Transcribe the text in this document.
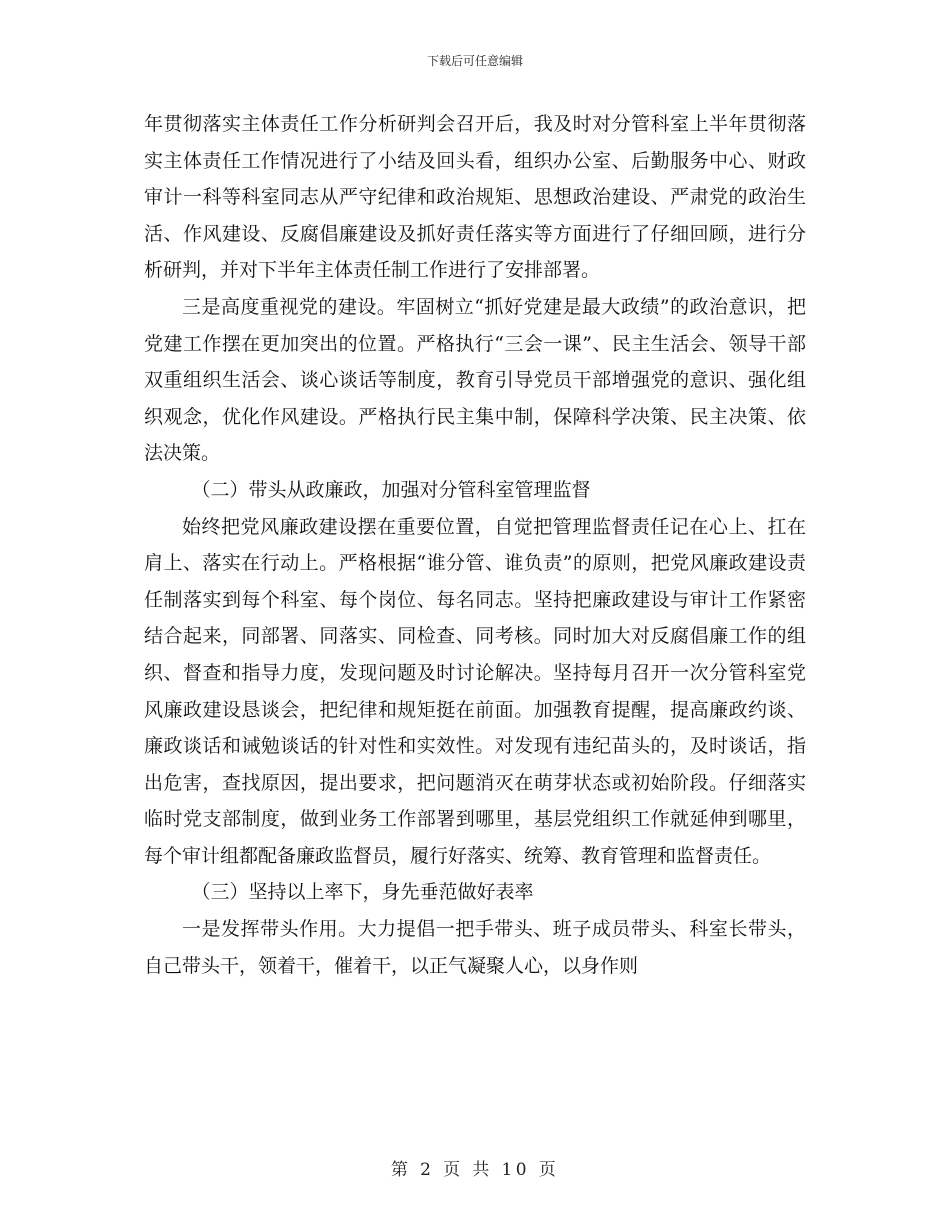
下载后可任意编辑

年贯彻落实主体责任工作分析研判会召开后，我及时对分管科室上半年贯彻落实主体责任工作情况进行了小结及回头看，组织办公室、后勤服务中心、财政审计一科等科室同志从严守纪律和政治规矩、思想政治建设、严肃党的政治生活、作风建设、反腐倡廉建设及抓好责任落实等方面进行了仔细回顾，进行分析研判，并对下半年主体责任制工作进行了安排部署。

三是高度重视党的建设。牢固树立“抓好党建是最大政绩”的政治意识，把党建工作摆在更加突出的位置。严格执行“三会一课”、民主生活会、领导干部双重组织生活会、谈心谈话等制度，教育引导党员干部增强党的意识、强化组织观念，优化作风建设。严格执行民主集中制，保障科学决策、民主决策、依法决策。

（二）带头从政廉政，加强对分管科室管理监督

始终把党风廉政建设摆在重要位置，自觉把管理监督责任记在心上、扛在肩上、落实在行动上。严格根据“谁分管、谁负责”的原则，把党风廉政建设责任制落实到每个科室、每个岗位、每名同志。坚持把廉政建设与审计工作紧密结合起来，同部署、同落实、同检查、同考核。同时加大对反腐倡廉工作的组织、督查和指导力度，发现问题及时讨论解决。坚持每月召开一次分管科室党风廉政建设恳谈会，把纪律和规矩挺在前面。加强教育提醒，提高廉政约谈、廉政谈话和诫勉谈话的针对性和实效性。对发现有违纪苗头的，及时谈话，指出危害，查找原因，提出要求，把问题消灭在萌芽状态或初始阶段。仔细落实临时党支部制度，做到业务工作部署到哪里，基层党组织工作就延伸到哪里，每个审计组都配备廉政监督员，履行好落实、统筹、教育管理和监督责任。

（三）坚持以上率下，身先垂范做好表率

一是发挥带头作用。大力提倡一把手带头、班子成员带头、科室长带头，自己带头干，领着干，催着干，以正气凝聚人心，以身作则

第 2 页 共 10 页
